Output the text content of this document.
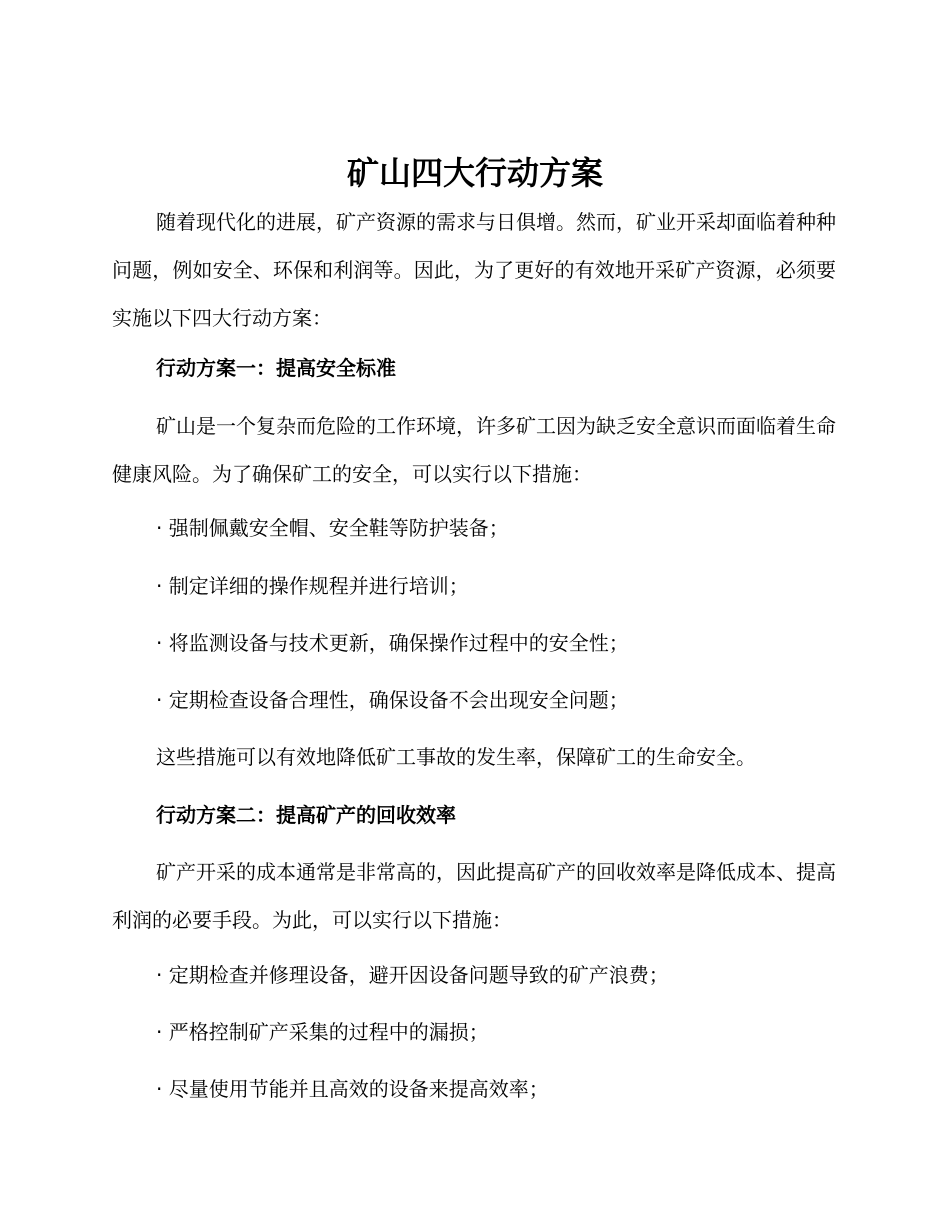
矿山四大行动方案

随着现代化的进展，矿产资源的需求与日俱增。然而，矿业开采却面临着种种问题，例如安全、环保和利润等。因此，为了更好的有效地开采矿产资源，必须要实施以下四大行动方案：

行动方案一：提高安全标准

矿山是一个复杂而危险的工作环境，许多矿工因为缺乏安全意识而面临着生命健康风险。为了确保矿工的安全，可以实行以下措施：

· 强制佩戴安全帽、安全鞋等防护装备；

· 制定详细的操作规程并进行培训；

· 将监测设备与技术更新，确保操作过程中的安全性；

· 定期检查设备合理性，确保设备不会出现安全问题；

这些措施可以有效地降低矿工事故的发生率，保障矿工的生命安全。

行动方案二：提高矿产的回收效率

矿产开采的成本通常是非常高的，因此提高矿产的回收效率是降低成本、提高利润的必要手段。为此，可以实行以下措施：

· 定期检查并修理设备，避开因设备问题导致的矿产浪费；

· 严格控制矿产采集的过程中的漏损；

· 尽量使用节能并且高效的设备来提高效率；
